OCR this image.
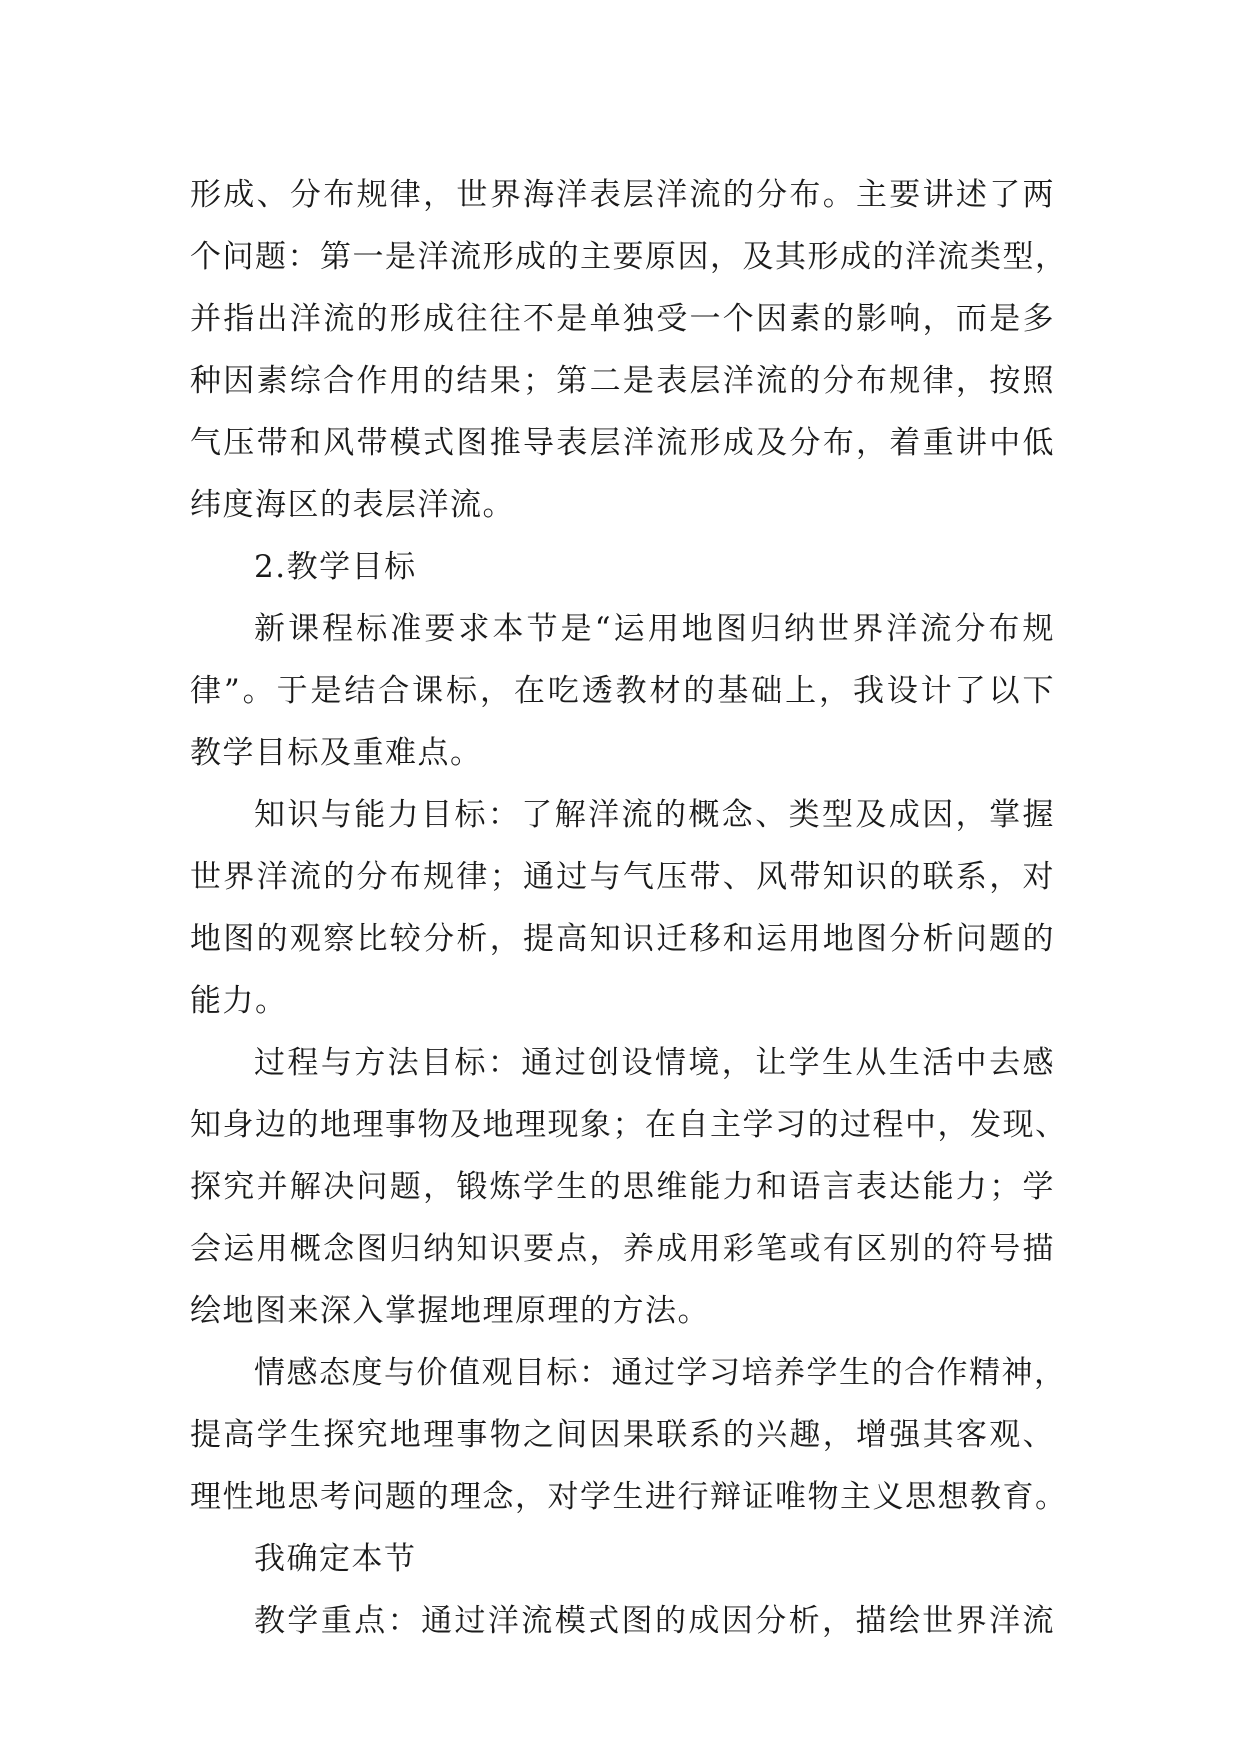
形成、分布规律，世界海洋表层洋流的分布。主要讲述了两
个问题：第一是洋流形成的主要原因，及其形成的洋流类型，
并指出洋流的形成往往不是单独受一个因素的影响，而是多
种因素综合作用的结果；第二是表层洋流的分布规律，按照
气压带和风带模式图推导表层洋流形成及分布，着重讲中低
纬度海区的表层洋流。
2.教学目标
新课程标准要求本节是“运用地图归纳世界洋流分布规
律”。于是结合课标，在吃透教材的基础上，我设计了以下
教学目标及重难点。
知识与能力目标：了解洋流的概念、类型及成因，掌握
世界洋流的分布规律；通过与气压带、风带知识的联系，对
地图的观察比较分析，提高知识迁移和运用地图分析问题的
能力。
过程与方法目标：通过创设情境，让学生从生活中去感
知身边的地理事物及地理现象；在自主学习的过程中，发现、
探究并解决问题，锻炼学生的思维能力和语言表达能力；学
会运用概念图归纳知识要点，养成用彩笔或有区别的符号描
绘地图来深入掌握地理原理的方法。
情感态度与价值观目标：通过学习培养学生的合作精神，
提高学生探究地理事物之间因果联系的兴趣，增强其客观、
理性地思考问题的理念，对学生进行辩证唯物主义思想教育。
我确定本节
教学重点：通过洋流模式图的成因分析，描绘世界洋流
